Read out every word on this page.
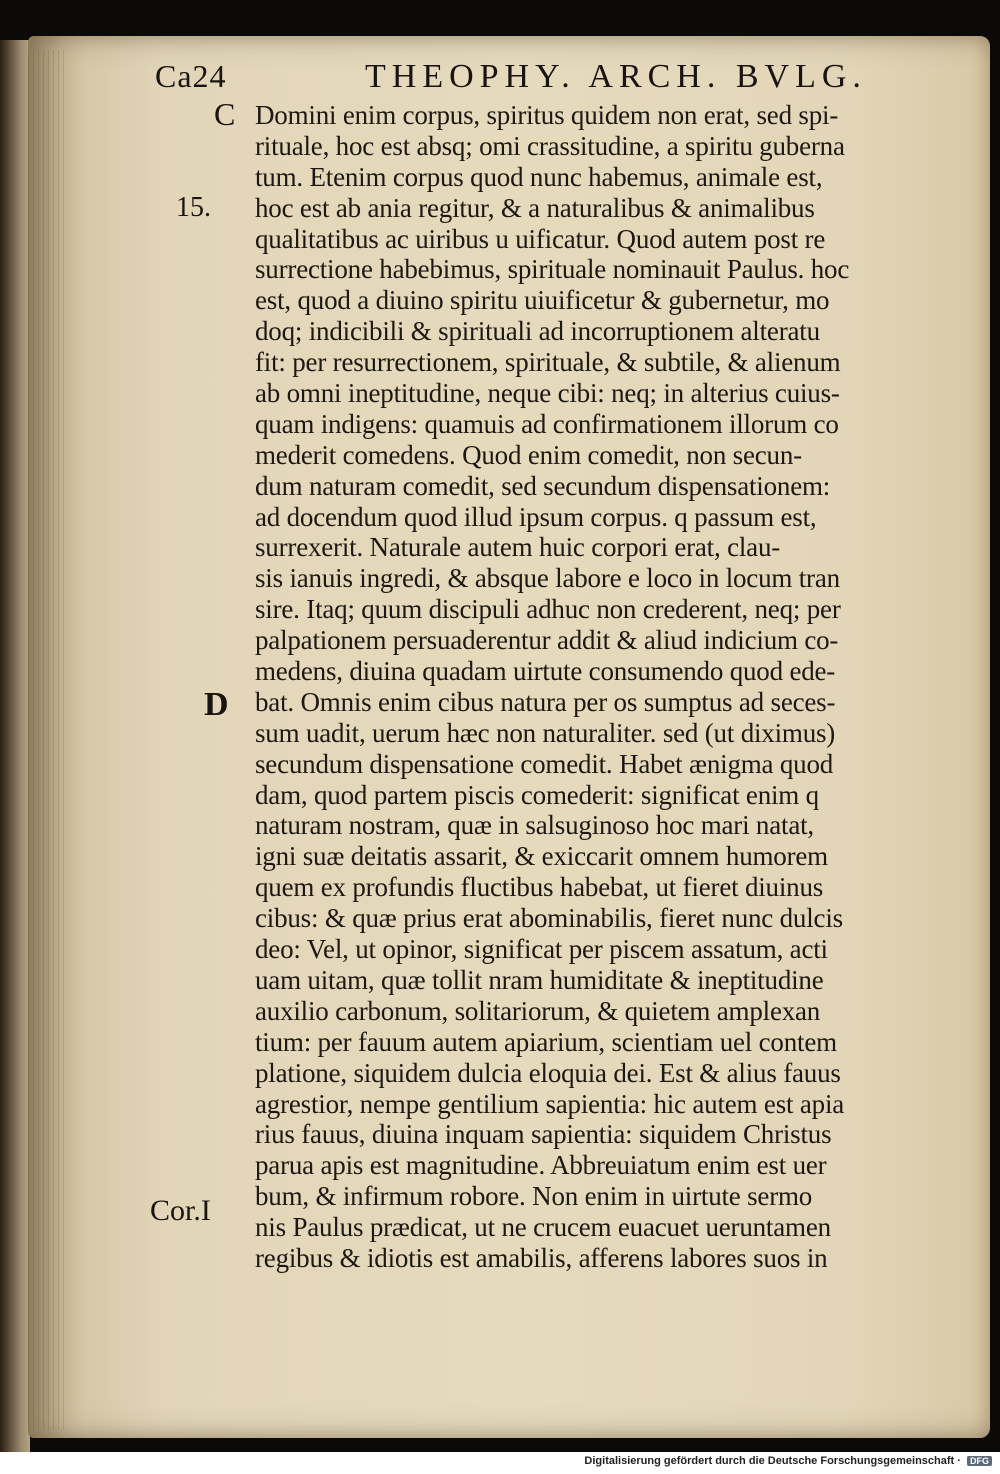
Ca24	THEOPHY. ARCH. BVLG.
C
15.
D
Cor.I
Domini enim corpus, spiritus quidem non erat, sed spi-
rituale, hoc est absq; omi crassitudine, a spiritu guberna
tum. Etenim corpus quod nunc habemus, animale est,
hoc est ab ania regitur, & a naturalibus & animalibus
qualitatibus ac uiribus u uificatur. Quod autem post re
surrectione habebimus, spirituale nominauit Paulus. hoc
est, quod a diuino spiritu uiuificetur & gubernetur, mo
doq; indicibili & spirituali ad incorruptionem alteratu
fit: per resurrectionem, spirituale, & subtile, & alienum
ab omni ineptitudine, neque cibi: neq; in alterius cuius-
quam indigens: quamuis ad confirmationem illorum co
mederit comedens. Quod enim comedit, non secun-
dum naturam comedit, sed secundum dispensationem:
ad docendum quod illud ipsum corpus. q passum est,
surrexerit. Naturale autem huic corpori erat, clau-
sis ianuis ingredi, & absque labore e loco in locum tran
sire. Itaq; quum discipuli adhuc non crederent, neq; per
palpationem persuaderentur addit & aliud indicium co-
medens, diuina quadam uirtute consumendo quod ede-
bat. Omnis enim cibus natura per os sumptus ad seces-
sum uadit, uerum hæc non naturaliter. sed (ut diximus)
secundum dispensatione comedit. Habet ænigma quod
dam, quod partem piscis comederit: significat enim q
naturam nostram, quæ in salsuginoso hoc mari natat,
igni suæ deitatis assarit, & exiccarit omnem humorem
quem ex profundis fluctibus habebat, ut fieret diuinus
cibus: & quæ prius erat abominabilis, fieret nunc dulcis
deo: Vel, ut opinor, significat per piscem assatum, acti
uam uitam, quæ tollit nram humiditate & ineptitudine
auxilio carbonum, solitariorum, & quietem amplexan
tium: per fauum autem apiarium, scientiam uel contem
platione, siquidem dulcia eloquia dei. Est & alius fauus
agrestior, nempe gentilium sapientia: hic autem est apia
rius fauus, diuina inquam sapientia: siquidem Christus
parua apis est magnitudine. Abbreuiatum enim est uer
bum, & infirmum robore. Non enim in uirtute sermo
nis Paulus prædicat, ut ne crucem euacuet ueruntamen
regibus & idiotis est amabilis, afferens labores suos in
Digitalisierung gefördert durch die Deutsche Forschungsgemeinschaft · DFG
